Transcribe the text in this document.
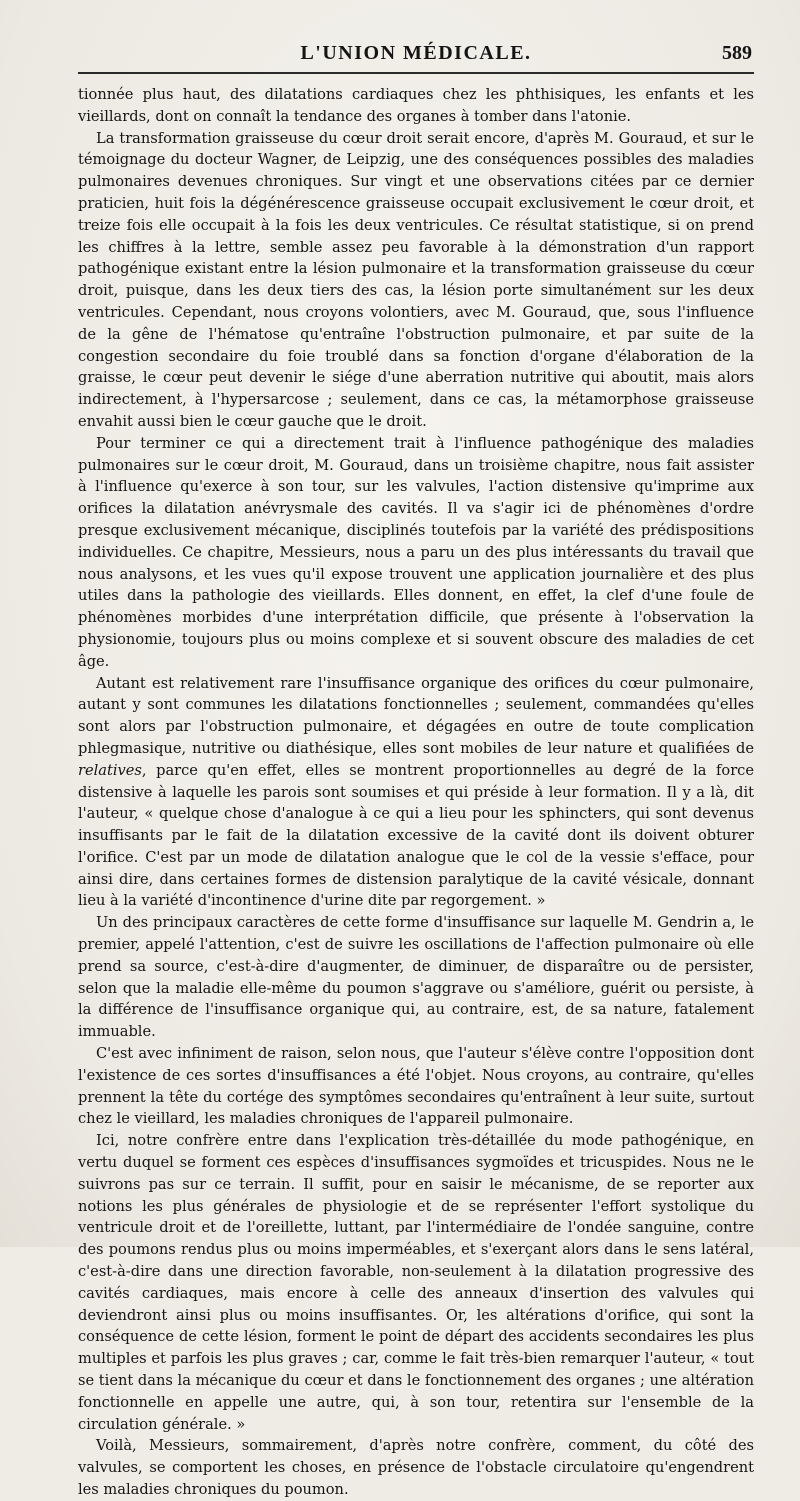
L'UNION MÉDICALE.	589

tionnée plus haut, des dilatations cardiaques chez les phthisiques, les enfants et les vieillards, dont on connaît la tendance des organes à tomber dans l'atonie.

La transformation graisseuse du cœur droit serait encore, d'après M. Gouraud, et sur le témoignage du docteur Wagner, de Leipzig, une des conséquences possibles des maladies pulmonaires devenues chroniques. Sur vingt et une observations citées par ce dernier praticien, huit fois la dégénérescence graisseuse occupait exclusivement le cœur droit, et treize fois elle occupait à la fois les deux ventricules. Ce résultat statistique, si on prend les chiffres à la lettre, semble assez peu favorable à la démonstration d'un rapport pathogénique existant entre la lésion pulmonaire et la transformation graisseuse du cœur droit, puisque, dans les deux tiers des cas, la lésion porte simultanément sur les deux ventricules. Cependant, nous croyons volontiers, avec M. Gouraud, que, sous l'influence de la gêne de l'hématose qu'entraîne l'obstruction pulmonaire, et par suite de la congestion secondaire du foie troublé dans sa fonction d'organe d'élaboration de la graisse, le cœur peut devenir le siége d'une aberration nutritive qui aboutit, mais alors indirectement, à l'hypersarcose ; seulement, dans ce cas, la métamorphose graisseuse envahit aussi bien le cœur gauche que le droit.

Pour terminer ce qui a directement trait à l'influence pathogénique des maladies pulmonaires sur le cœur droit, M. Gouraud, dans un troisième chapitre, nous fait assister à l'influence qu'exerce à son tour, sur les valvules, l'action distensive qu'imprime aux orifices la dilatation anévrysmale des cavités. Il va s'agir ici de phénomènes d'ordre presque exclusivement mécanique, disciplinés toutefois par la variété des prédispositions individuelles. Ce chapitre, Messieurs, nous a paru un des plus intéressants du travail que nous analysons, et les vues qu'il expose trouvent une application journalière et des plus utiles dans la pathologie des vieillards. Elles donnent, en effet, la clef d'une foule de phénomènes morbides d'une interprétation difficile, que présente à l'observation la physionomie, toujours plus ou moins complexe et si souvent obscure des maladies de cet âge.

Autant est relativement rare l'insuffisance organique des orifices du cœur pulmonaire, autant y sont communes les dilatations fonctionnelles ; seulement, commandées qu'elles sont alors par l'obstruction pulmonaire, et dégagées en outre de toute complication phlegmasique, nutritive ou diathésique, elles sont mobiles de leur nature et qualifiées de relatives, parce qu'en effet, elles se montrent proportionnelles au degré de la force distensive à laquelle les parois sont soumises et qui préside à leur formation. Il y a là, dit l'auteur, « quelque chose d'analogue à ce qui a lieu pour les sphincters, qui sont devenus insuffisants par le fait de la dilatation excessive de la cavité dont ils doivent obturer l'orifice. C'est par un mode de dilatation analogue que le col de la vessie s'efface, pour ainsi dire, dans certaines formes de distension paralytique de la cavité vésicale, donnant lieu à la variété d'incontinence d'urine dite par regorgement. »

Un des principaux caractères de cette forme d'insuffisance sur laquelle M. Gendrin a, le premier, appelé l'attention, c'est de suivre les oscillations de l'affection pulmonaire où elle prend sa source, c'est-à-dire d'augmenter, de diminuer, de disparaître ou de persister, selon que la maladie elle-même du poumon s'aggrave ou s'améliore, guérit ou persiste, à la différence de l'insuffisance organique qui, au contraire, est, de sa nature, fatalement immuable.

C'est avec infiniment de raison, selon nous, que l'auteur s'élève contre l'opposition dont l'existence de ces sortes d'insuffisances a été l'objet. Nous croyons, au contraire, qu'elles prennent la tête du cortége des symptômes secondaires qu'entraînent à leur suite, surtout chez le vieillard, les maladies chroniques de l'appareil pulmonaire.

Ici, notre confrère entre dans l'explication très-détaillée du mode pathogénique, en vertu duquel se forment ces espèces d'insuffisances sygmoïdes et tricuspides. Nous ne le suivrons pas sur ce terrain. Il suffit, pour en saisir le mécanisme, de se reporter aux notions les plus générales de physiologie et de se représenter l'effort systolique du ventricule droit et de l'oreillette, luttant, par l'intermédiaire de l'ondée sanguine, contre des poumons rendus plus ou moins imperméables, et s'exerçant alors dans le sens latéral, c'est-à-dire dans une direction favorable, non-seulement à la dilatation progressive des cavités cardiaques, mais encore à celle des anneaux d'insertion des valvules qui deviendront ainsi plus ou moins insuffisantes. Or, les altérations d'orifice, qui sont la conséquence de cette lésion, forment le point de départ des accidents secondaires les plus multiples et parfois les plus graves ; car, comme le fait très-bien remarquer l'auteur, « tout se tient dans la mécanique du cœur et dans le fonctionnement des organes ; une altération fonctionnelle en appelle une autre, qui, à son tour, retentira sur l'ensemble de la circulation générale. »

Voilà, Messieurs, sommairement, d'après notre confrère, comment, du côté des valvules, se comportent les choses, en présence de l'obstacle circulatoire qu'engendrent les maladies chroniques du poumon.
